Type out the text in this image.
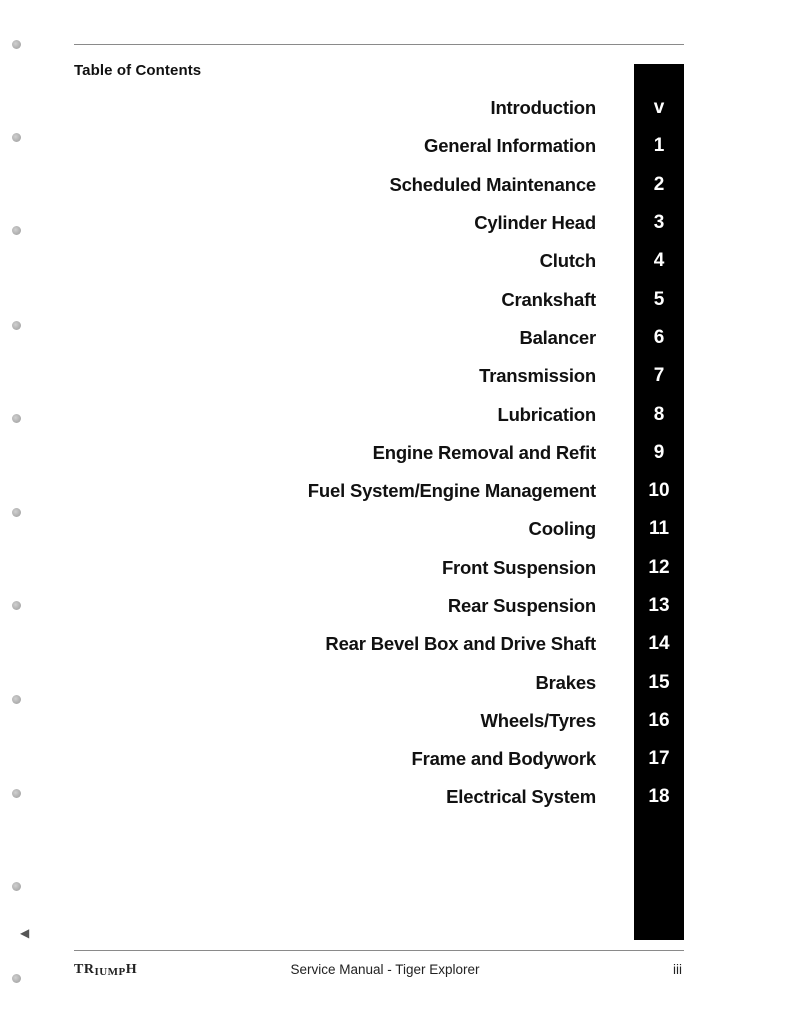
Table of Contents
Introduction	v
General Information	1
Scheduled Maintenance	2
Cylinder Head	3
Clutch	4
Crankshaft	5
Balancer	6
Transmission	7
Lubrication	8
Engine Removal and Refit	9
Fuel System/Engine Management	10
Cooling	11
Front Suspension	12
Rear Suspension	13
Rear Bevel Box and Drive Shaft	14
Brakes	15
Wheels/Tyres	16
Frame and Bodywork	17
Electrical System	18
TRIUMPH	Service Manual - Tiger Explorer	iii
◀
